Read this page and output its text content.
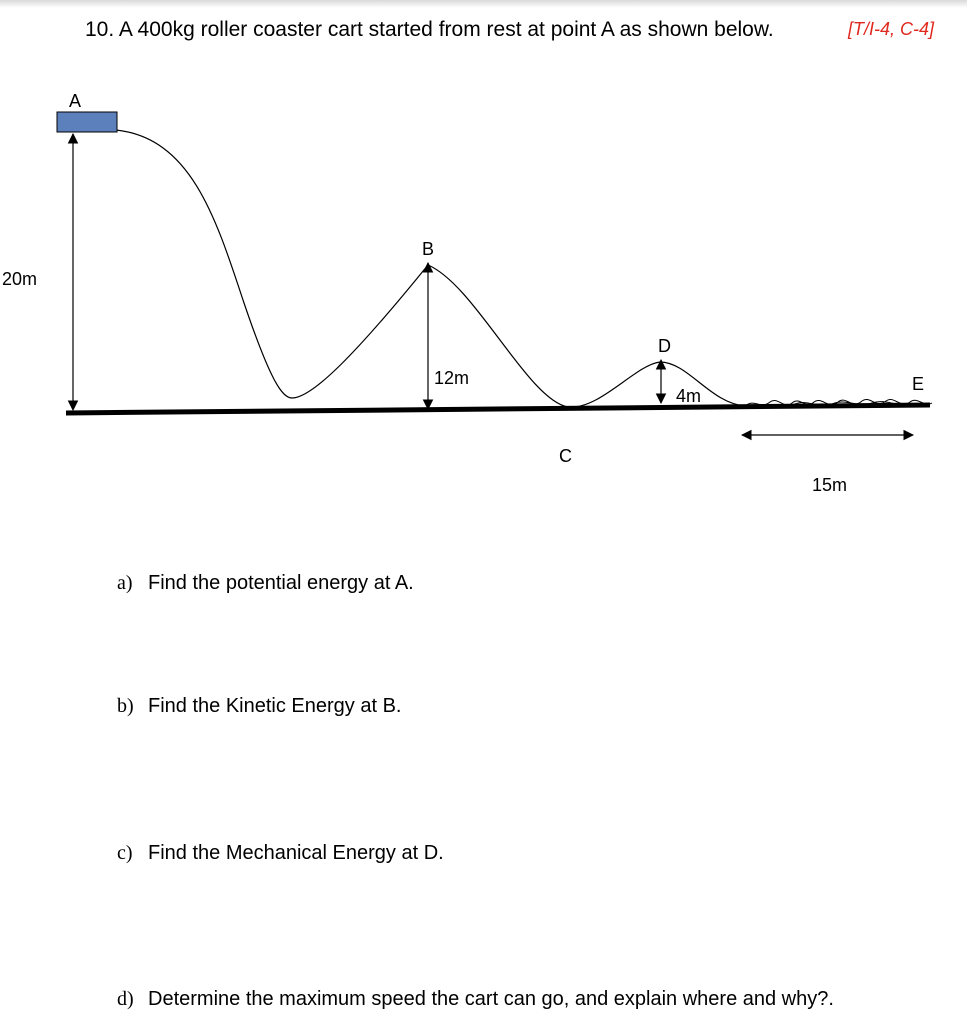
10. A 400kg roller coaster cart started from rest at point A as shown below.	[T/I-4, C-4]
A
B
C
D
E
20m
12m
4m
15m
a) Find the potential energy at A.
b) Find the Kinetic Energy at B.
c) Find the Mechanical Energy at D.
d) Determine the maximum speed the cart can go, and explain where and why?.
